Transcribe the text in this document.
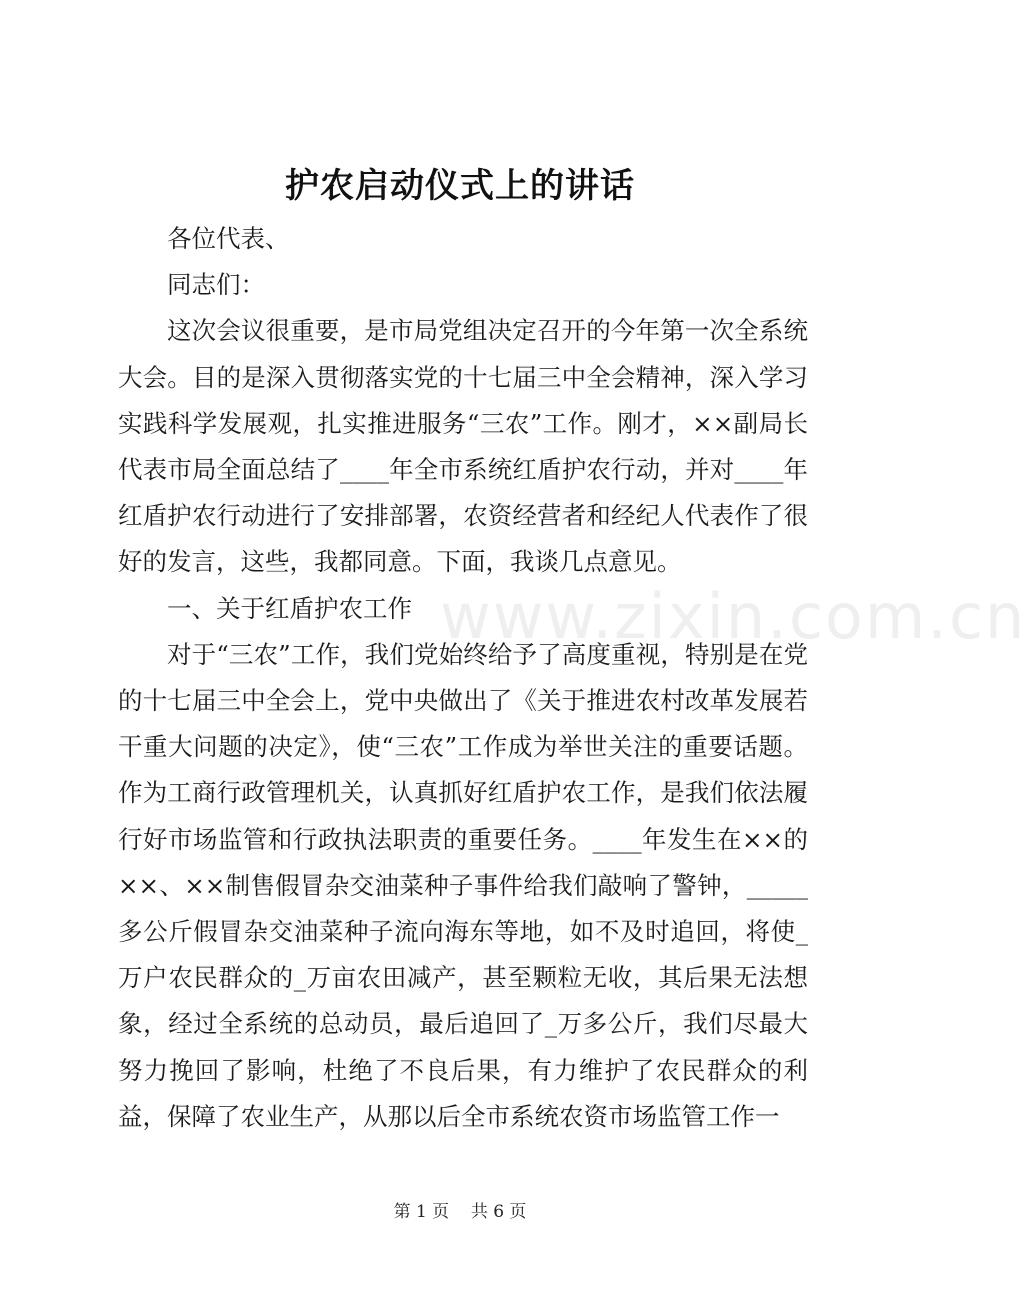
护农启动仪式上的讲话

各位代表、

同志们：

这次会议很重要，是市局党组决定召开的今年第一次全系统大会。目的是深入贯彻落实党的十七届三中全会精神，深入学习实践科学发展观，扎实推进服务“三农”工作。刚才，××副局长代表市局全面总结了____年全市系统红盾护农行动，并对____年红盾护农行动进行了安排部署，农资经营者和经纪人代表作了很好的发言，这些，我都同意。下面，我谈几点意见。

一、关于红盾护农工作

对于“三农”工作，我们党始终给予了高度重视，特别是在党的十七届三中全会上，党中央做出了《关于推进农村改革发展若干重大问题的决定》，使“三农”工作成为举世关注的重要话题。作为工商行政管理机关，认真抓好红盾护农工作，是我们依法履行好市场监管和行政执法职责的重要任务。____年发生在××的××、××制售假冒杂交油菜种子事件给我们敲响了警钟，_____多公斤假冒杂交油菜种子流向海东等地，如不及时追回，将使_万户农民群众的_万亩农田减产，甚至颗粒无收，其后果无法想象，经过全系统的总动员，最后追回了_万多公斤，我们尽最大努力挽回了影响，杜绝了不良后果，有力维护了农民群众的利益，保障了农业生产，从那以后全市系统农资市场监管工作一

www.zixin.com.cn
第 1 页 共 6 页
